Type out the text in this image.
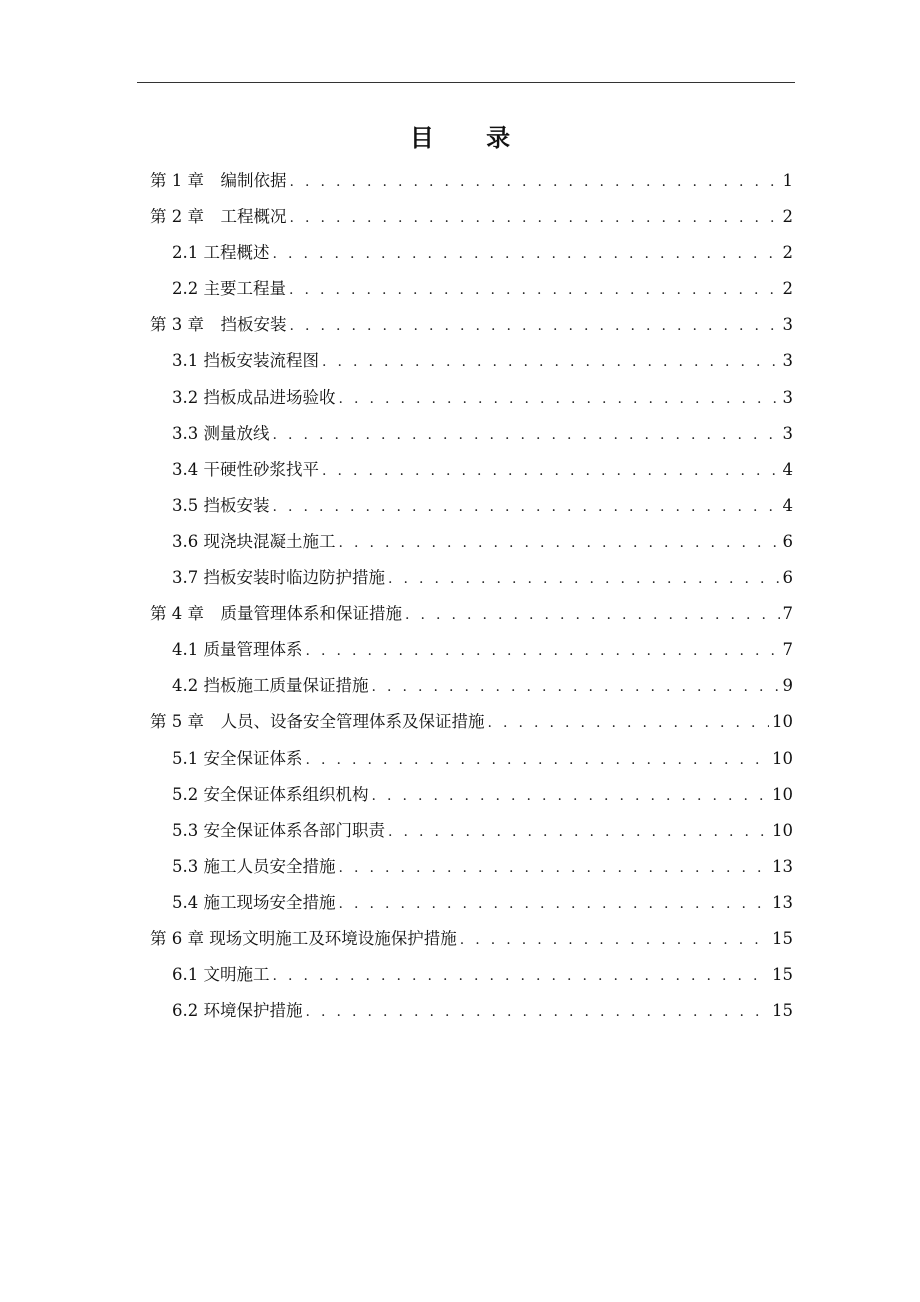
目 录
第 1 章　编制依据 . . .	1
第 2 章　工程概况 . . .	2
2.1 工程概述 . . .	2
2.2 主要工程量 . . .	2
第 3 章　挡板安装 . . .	3
3.1 挡板安装流程图 . . .	3
3.2 挡板成品进场验收 . . .	3
3.3 测量放线 . . .	3
3.4 干硬性砂浆找平 . . .	4
3.5 挡板安装 . . .	4
3.6 现浇块混凝土施工 . . .	6
3.7 挡板安装时临边防护措施 . . .	6
第 4 章　质量管理体系和保证措施 . . .	7
4.1 质量管理体系 . . .	7
4.2 挡板施工质量保证措施 . . .	9
第 5 章　人员、设备安全管理体系及保证措施 . . .	10
5.1 安全保证体系 . . .	10
5.2 安全保证体系组织机构 . . .	10
5.3 安全保证体系各部门职责 . . .	10
5.3 施工人员安全措施 . . .	13
5.4 施工现场安全措施 . . .	13
第 6 章 现场文明施工及环境设施保护措施 . . .	15
6.1 文明施工 . . .	15
6.2 环境保护措施 . . .	15
